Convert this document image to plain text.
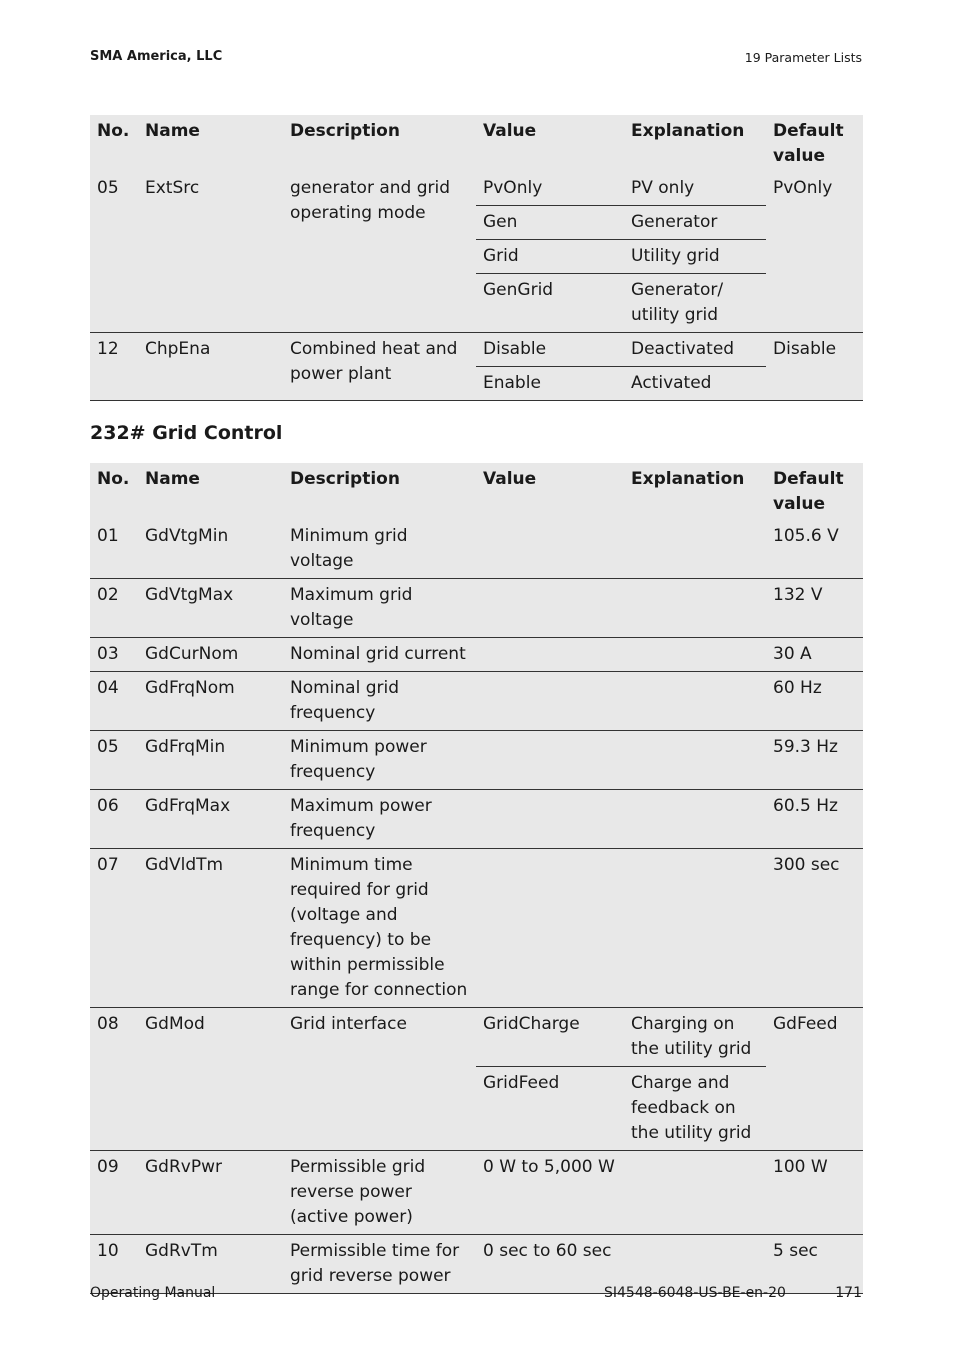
SMA America, LLC	19 Parameter Lists
No.	Name	Description	Value	Explanation	Default value
05	ExtSrc	generator and grid operating mode	PvOnly	PV only	PvOnly
			Gen	Generator	
			Grid	Utility grid	
			GenGrid	Generator/ utility grid	
12	ChpEna	Combined heat and power plant	Disable	Deactivated	Disable
			Enable	Activated	
232# Grid Control
No.	Name	Description	Value	Explanation	Default value
01	GdVtgMin	Minimum grid voltage			105.6 V
02	GdVtgMax	Maximum grid voltage			132 V
03	GdCurNom	Nominal grid current			30 A
04	GdFrqNom	Nominal grid frequency			60 Hz
05	GdFrqMin	Minimum power frequency			59.3 Hz
06	GdFrqMax	Maximum power frequency			60.5 Hz
07	GdVldTm	Minimum time required for grid (voltage and frequency) to be within permissible range for connection			300 sec
08	GdMod	Grid interface	GridCharge	Charging on the utility grid	GdFeed
			GridFeed	Charge and feedback on the utility grid	
09	GdRvPwr	Permissible grid reverse power (active power)	0 W to 5,000 W		100 W
10	GdRvTm	Permissible time for grid reverse power	0 sec to 60 sec		5 sec
Operating Manual	SI4548-6048-US-BE-en-20	171
